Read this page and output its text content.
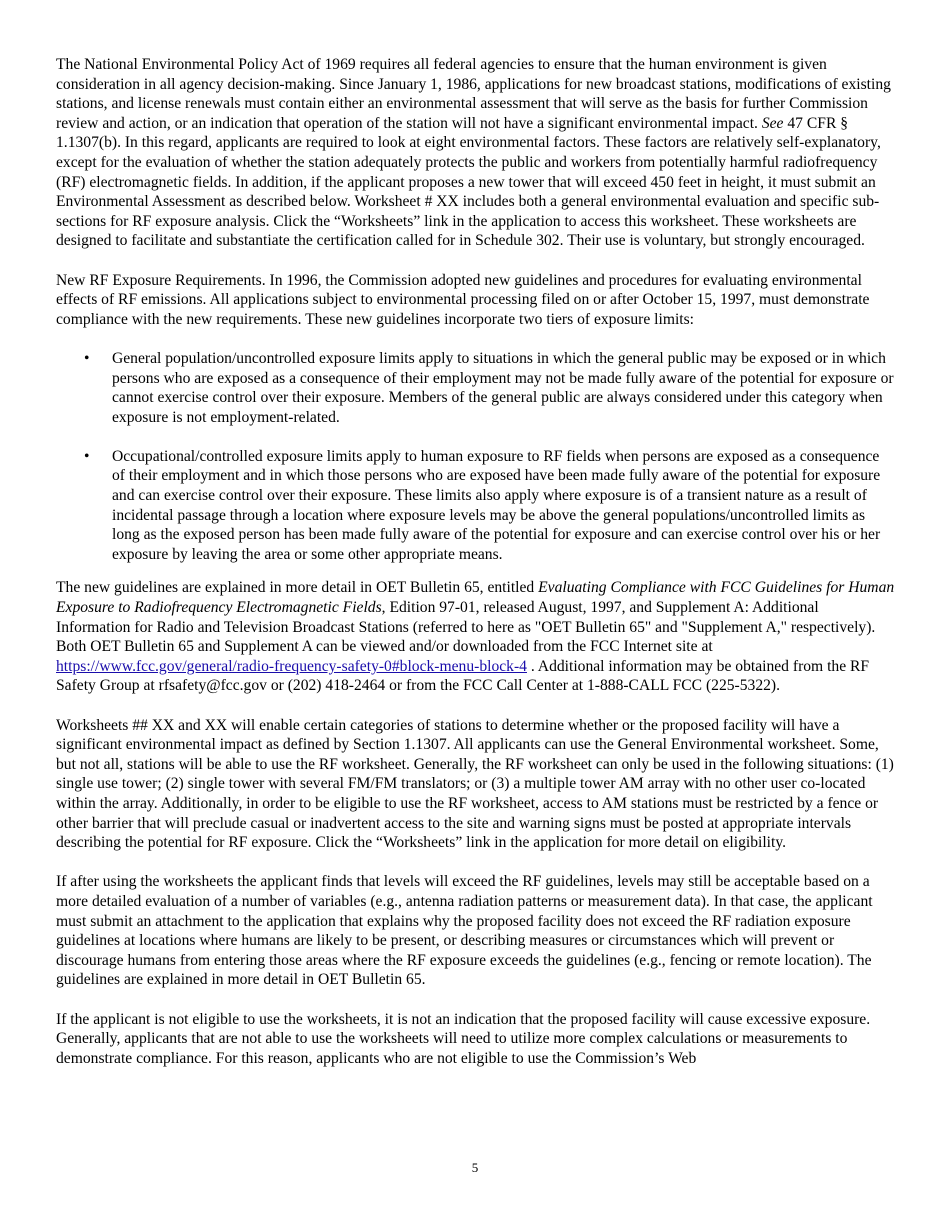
The National Environmental Policy Act of 1969 requires all federal agencies to ensure that the human environment is given consideration in all agency decision-making. Since January 1, 1986, applications for new broadcast stations, modifications of existing stations, and license renewals must contain either an environmental assessment that will serve as the basis for further Commission review and action, or an indication that operation of the station will not have a significant environmental impact. See 47 CFR § 1.1307(b). In this regard, applicants are required to look at eight environmental factors. These factors are relatively self-explanatory, except for the evaluation of whether the station adequately protects the public and workers from potentially harmful radiofrequency (RF) electromagnetic fields. In addition, if the applicant proposes a new tower that will exceed 450 feet in height, it must submit an Environmental Assessment as described below. Worksheet # XX includes both a general environmental evaluation and specific sub-sections for RF exposure analysis. Click the “Worksheets” link in the application to access this worksheet. These worksheets are designed to facilitate and substantiate the certification called for in Schedule 302. Their use is voluntary, but strongly encouraged.

New RF Exposure Requirements. In 1996, the Commission adopted new guidelines and procedures for evaluating environmental effects of RF emissions. All applications subject to environmental processing filed on or after October 15, 1997, must demonstrate compliance with the new requirements. These new guidelines incorporate two tiers of exposure limits:

• General population/uncontrolled exposure limits apply to situations in which the general public may be exposed or in which persons who are exposed as a consequence of their employment may not be made fully aware of the potential for exposure or cannot exercise control over their exposure. Members of the general public are always considered under this category when exposure is not employment-related.
• Occupational/controlled exposure limits apply to human exposure to RF fields when persons are exposed as a consequence of their employment and in which those persons who are exposed have been made fully aware of the potential for exposure and can exercise control over their exposure. These limits also apply where exposure is of a transient nature as a result of incidental passage through a location where exposure levels may be above the general populations/uncontrolled limits as long as the exposed person has been made fully aware of the potential for exposure and can exercise control over his or her exposure by leaving the area or some other appropriate means.

The new guidelines are explained in more detail in OET Bulletin 65, entitled Evaluating Compliance with FCC Guidelines for Human Exposure to Radiofrequency Electromagnetic Fields, Edition 97-01, released August, 1997, and Supplement A: Additional Information for Radio and Television Broadcast Stations (referred to here as "OET Bulletin 65" and "Supplement A," respectively). Both OET Bulletin 65 and Supplement A can be viewed and/or downloaded from the FCC Internet site at https://www.fcc.gov/general/radio-frequency-safety-0#block-menu-block-4 . Additional information may be obtained from the RF Safety Group at rfsafety@fcc.gov or (202) 418-2464 or from the FCC Call Center at 1-888-CALL FCC (225-5322).

Worksheets ## XX and XX will enable certain categories of stations to determine whether or the proposed facility will have a significant environmental impact as defined by Section 1.1307. All applicants can use the General Environmental worksheet. Some, but not all, stations will be able to use the RF worksheet. Generally, the RF worksheet can only be used in the following situations: (1) single use tower; (2) single tower with several FM/FM translators; or (3) a multiple tower AM array with no other user co-located within the array. Additionally, in order to be eligible to use the RF worksheet, access to AM stations must be restricted by a fence or other barrier that will preclude casual or inadvertent access to the site and warning signs must be posted at appropriate intervals describing the potential for RF exposure. Click the “Worksheets” link in the application for more detail on eligibility.

If after using the worksheets the applicant finds that levels will exceed the RF guidelines, levels may still be acceptable based on a more detailed evaluation of a number of variables (e.g., antenna radiation patterns or measurement data). In that case, the applicant must submit an attachment to the application that explains why the proposed facility does not exceed the RF radiation exposure guidelines at locations where humans are likely to be present, or describing measures or circumstances which will prevent or discourage humans from entering those areas where the RF exposure exceeds the guidelines (e.g., fencing or remote location). The guidelines are explained in more detail in OET Bulletin 65.

If the applicant is not eligible to use the worksheets, it is not an indication that the proposed facility will cause excessive exposure. Generally, applicants that are not able to use the worksheets will need to utilize more complex calculations or measurements to demonstrate compliance. For this reason, applicants who are not eligible to use the Commission’s Web

5
